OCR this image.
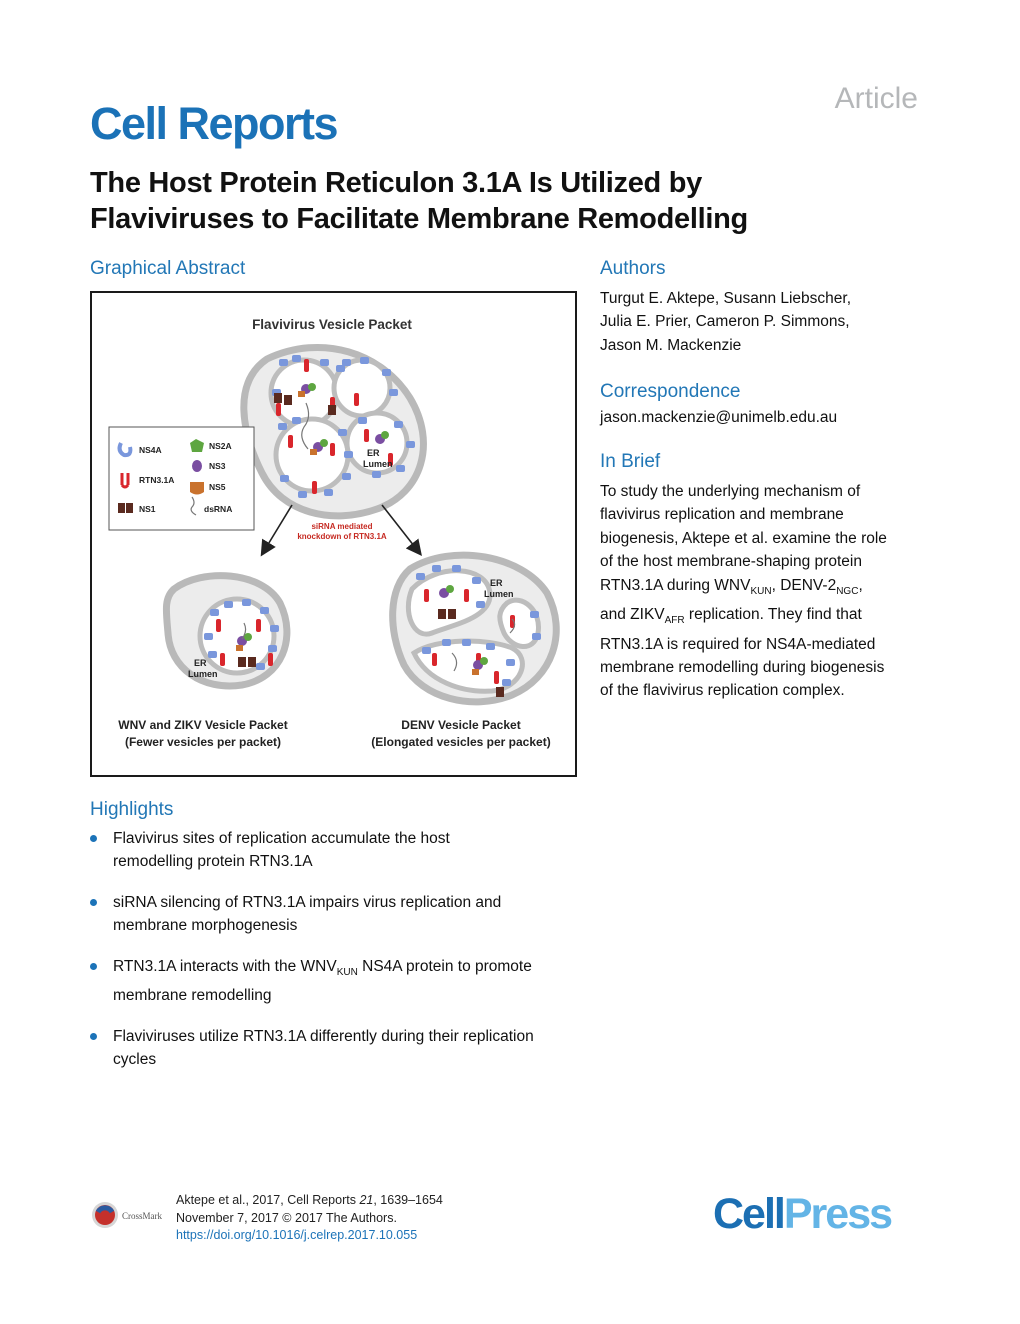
Article
Cell Reports
The Host Protein Reticulon 3.1A Is Utilized by
Flaviviruses to Facilitate Membrane Remodelling
Graphical Abstract
Flavivirus Vesicle Packet
ER
Lumen
NS4A	NS2A
NS3
RTN3.1A
NS5
NS1	dsRNA
siRNA mediated
knockdown of RTN3.1A
ER
Lumen
ER
Lumen
WNV and ZIKV Vesicle Packet
(Fewer vesicles per packet)
DENV Vesicle Packet
(Elongated vesicles per packet)
Authors
Turgut E. Aktepe, Susann Liebscher,
Julia E. Prier, Cameron P. Simmons,
Jason M. Mackenzie
Correspondence
jason.mackenzie@unimelb.edu.au
In Brief
To study the underlying mechanism of
flavivirus replication and membrane
biogenesis, Aktepe et al. examine the role
of the host membrane-shaping protein
RTN3.1A during $WNV_{KUN}$, DENV-$2_{NGC}$,
and $ZIKV_{AFR}$ replication. They find that
RTN3.1A is required for NS4A-mediated
membrane remodelling during biogenesis
of the flavivirus replication complex.
Highlights
Flavivirus sites of replication accumulate the host
remodelling protein RTN3.1A
siRNA silencing of RTN3.1A impairs virus replication and
membrane morphogenesis
RTN3.1A interacts with the $WNV_{KUN}$ NS4A protein to promote
membrane remodelling
Flaviviruses utilize RTN3.1A differently during their replication
cycles
CrossMark
Aktepe et al., 2017, Cell Reports 21, 1639–1654
November 7, 2017 © 2017 The Authors.
https://doi.org/10.1016/j.celrep.2017.10.055	CellPress
